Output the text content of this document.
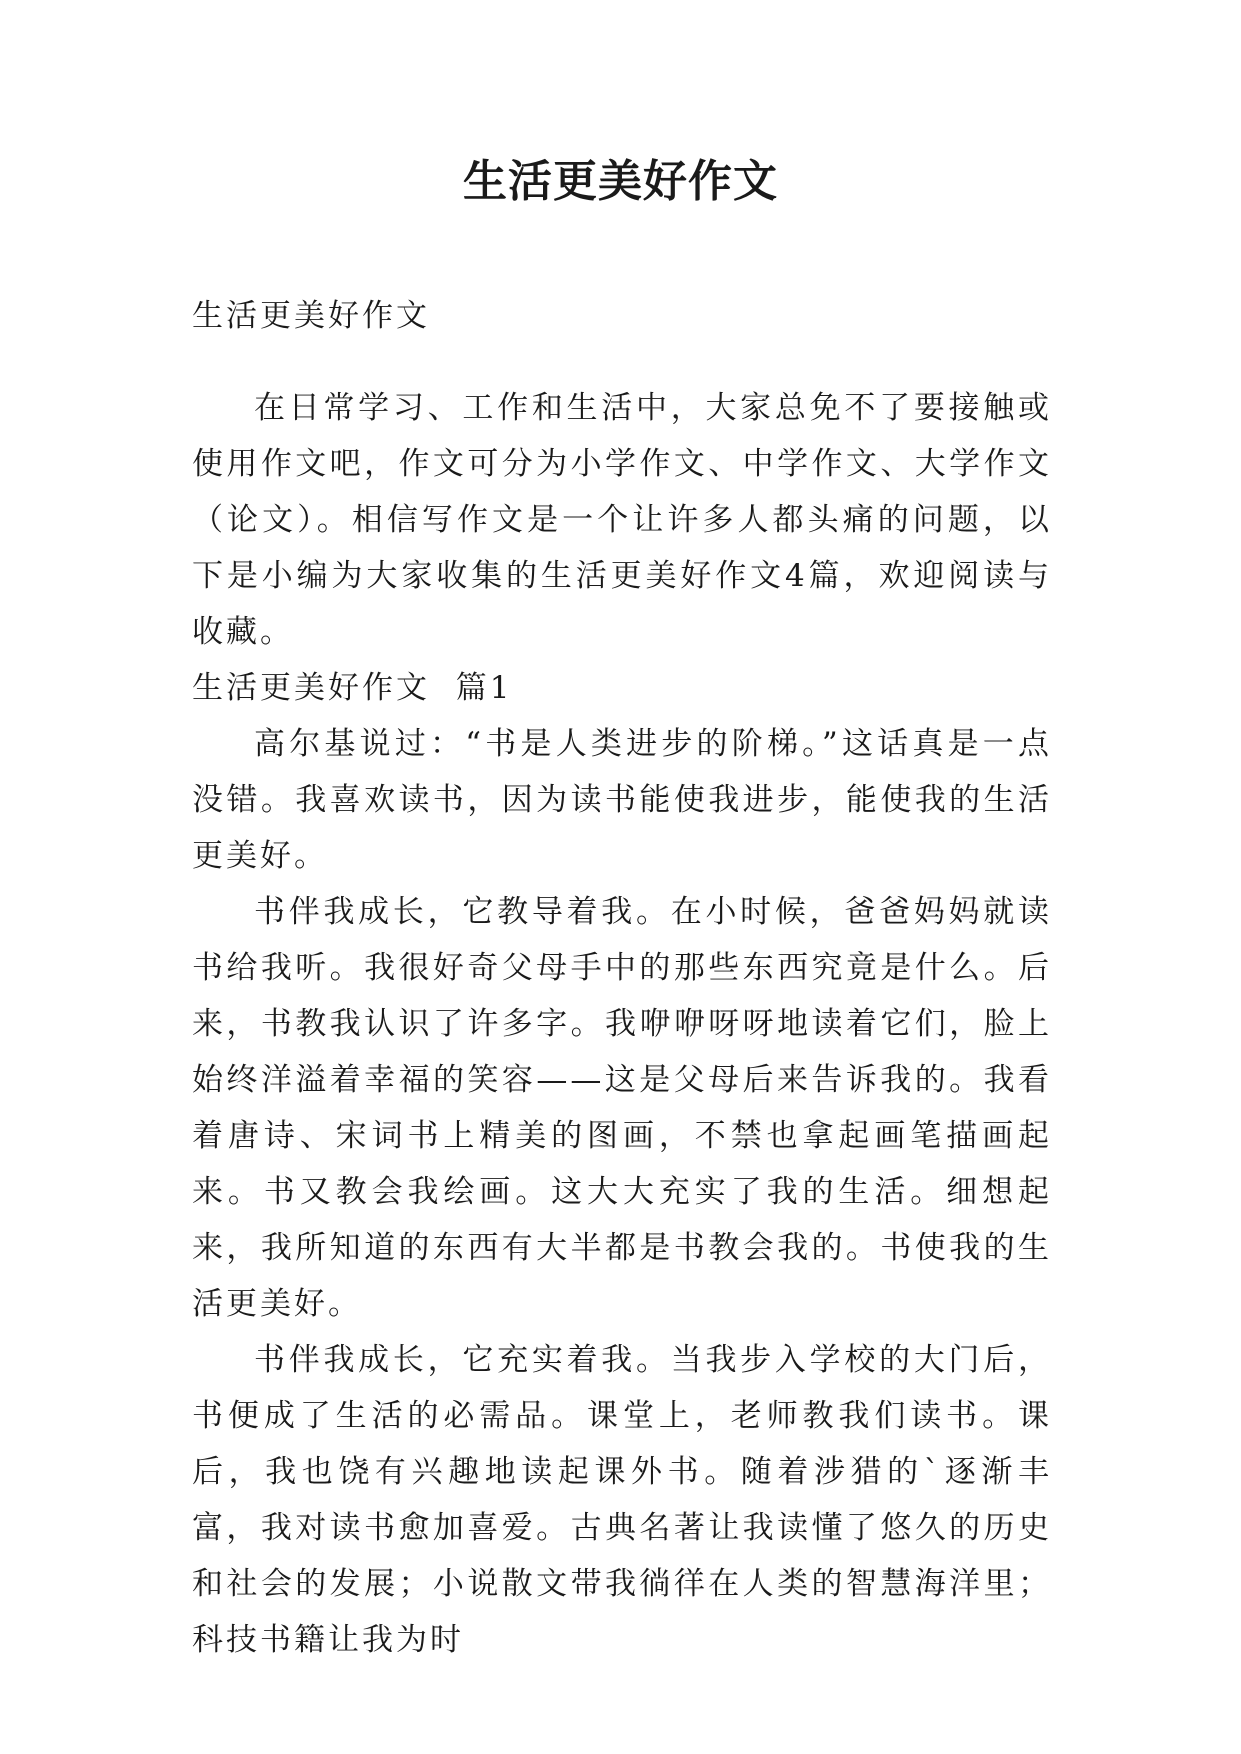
生活更美好作文

生活更美好作文

在日常学习、工作和生活中，大家总免不了要接触或使用作文吧，作文可分为小学作文、中学作文、大学作文（论文）。相信写作文是一个让许多人都头痛的问题，以下是小编为大家收集的生活更美好作文4篇，欢迎阅读与收藏。

生活更美好作文  篇1

高尔基说过：“书是人类进步的阶梯。”这话真是一点没错。我喜欢读书，因为读书能使我进步，能使我的生活更美好。

书伴我成长，它教导着我。在小时候，爸爸妈妈就读书给我听。我很好奇父母手中的那些东西究竟是什么。后来，书教我认识了许多字。我咿咿呀呀地读着它们，脸上始终洋溢着幸福的笑容——这是父母后来告诉我的。我看着唐诗、宋词书上精美的图画，不禁也拿起画笔描画起来。书又教会我绘画。这大大充实了我的生活。细想起来，我所知道的东西有大半都是书教会我的。书使我的生活更美好。

书伴我成长，它充实着我。当我步入学校的大门后，书便成了生活的必需品。课堂上，老师教我们读书。课后，我也饶有兴趣地读起课外书。随着涉猎的`逐渐丰富，我对读书愈加喜爱。古典名著让我读懂了悠久的历史和社会的发展；小说散文带我徜徉在人类的智慧海洋里；科技书籍让我为时
